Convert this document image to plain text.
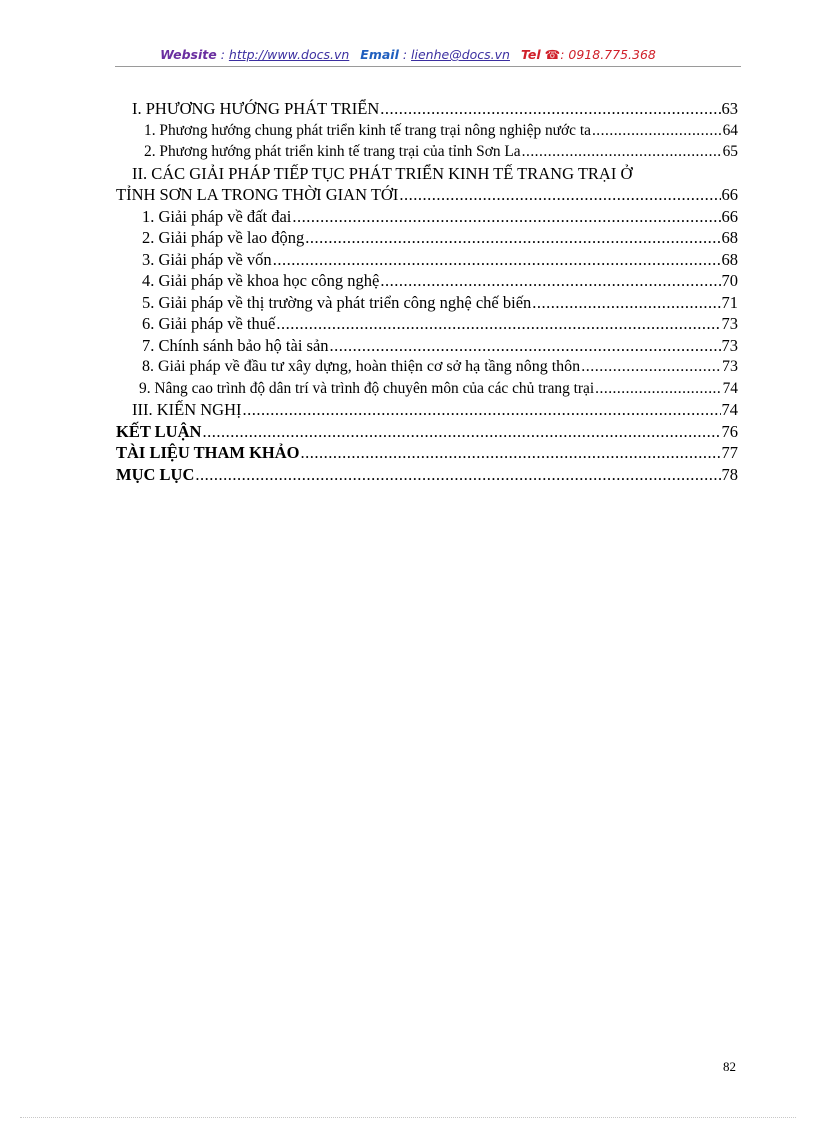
Website : http://www.docs.vn Email : lienhe@docs.vn Tel ☎: 0918.775.368
I. PHƯƠNG HƯỚNG PHÁT TRIỂN .....	63
1. Phương hướng chung phát triển kinh tế trang trại nông nghiệp nước ta .....	64
2. Phương hướng phát triển kinh tế trang trại của tỉnh Sơn La .....	65
II. CÁC GIẢI PHÁP TIẾP TỤC PHÁT TRIỂN KINH TẾ TRANG TRẠI Ở
TỈNH SƠN LA TRONG THỜI GIAN TỚI .....	66
1. Giải pháp về đất đai .....	66
2. Giải pháp về lao động .....	68
3. Giải pháp về vốn .....	68
4. Giải pháp về khoa học công nghệ .....	70
5. Giải pháp về thị trường và phát triển công nghệ chế biến .....	71
6. Giải pháp về thuế .....	73
7. Chính sánh bảo hộ tài sản .....	73
8. Giải pháp về đầu tư xây dựng, hoàn thiện cơ sở hạ tầng nông thôn .....	73
9. Nâng cao trình độ dân trí và trình độ chuyên môn của các chủ trang trại .....	74
III. KIẾN NGHỊ .....	74
KẾT LUẬN .....	76
TÀI LIỆU THAM KHẢO .....	77
MỤC LỤC .....	78
82
